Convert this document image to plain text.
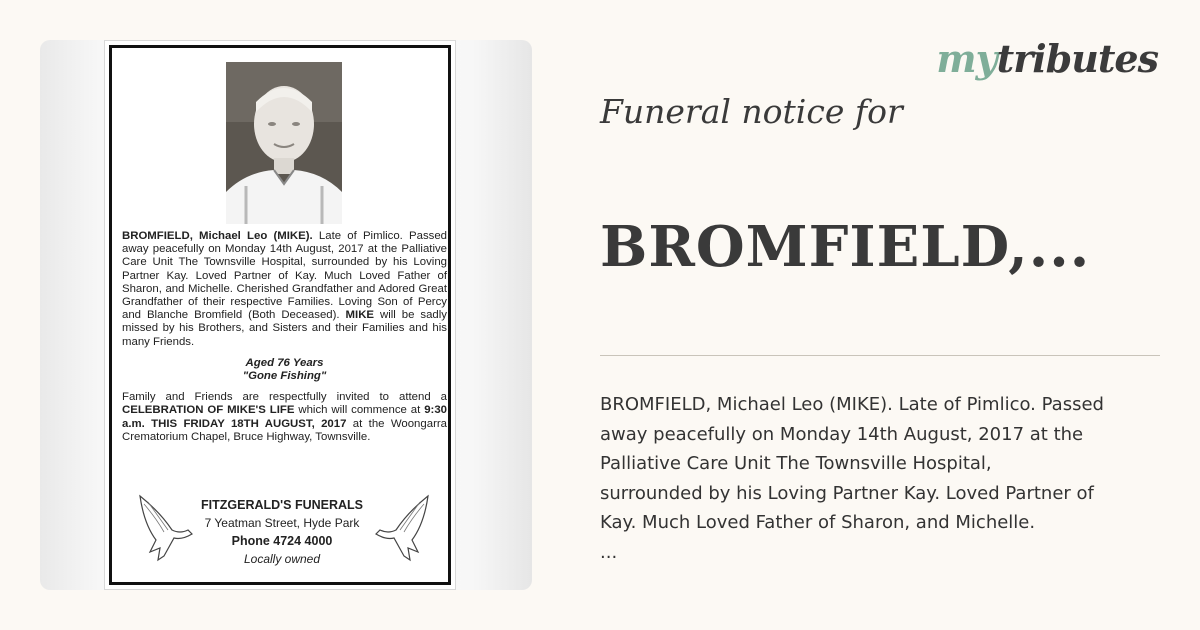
BROMFIELD, Michael Leo (MIKE). Late of Pimlico. Passed away peacefully on Monday 14th August, 2017 at the Palliative Care Unit The Townsville Hospital, surrounded by his Loving Partner Kay. Loved Partner of Kay. Much Loved Father of Sharon, and Michelle. Cherished Grandfather and Adored Great Grandfather of their respective Families. Loving Son of Percy and Blanche Bromfield (Both Deceased). MIKE will be sadly missed by his Brothers, and Sisters and their Families and his many Friends.
Aged 76 Years
"Gone Fishing"
Family and Friends are respectfully invited to attend a CELEBRATION OF MIKE'S LIFE which will commence at 9:30 a.m. THIS FRIDAY 18TH AUGUST, 2017 at the Woongarra Crematorium Chapel, Bruce Highway, Townsville.
FITZGERALD'S FUNERALS
7 Yeatman Street, Hyde Park
Phone 4724 4000
Locally owned
mytributes
Funeral notice for
BROMFIELD,...
BROMFIELD, Michael Leo (MIKE). Late of Pimlico. Passed
away peacefully on Monday 14th August, 2017 at the
Palliative Care Unit The Townsville Hospital,
surrounded by his Loving Partner Kay. Loved Partner of
Kay. Much Loved Father of Sharon, and Michelle.
...
